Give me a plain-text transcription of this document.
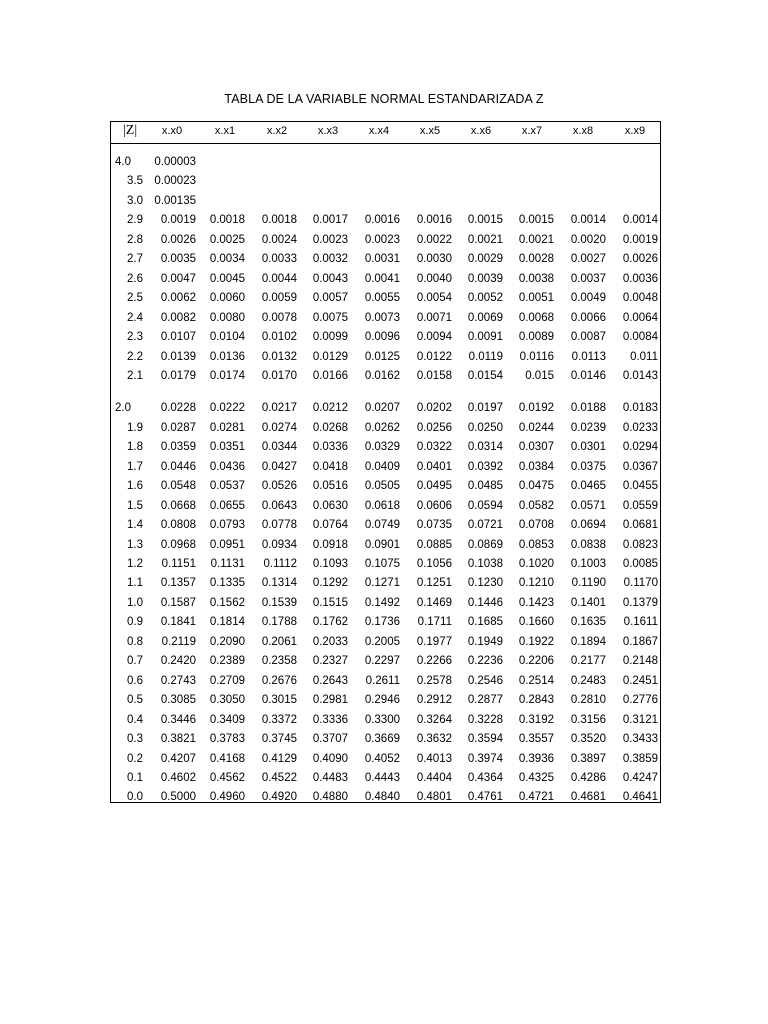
TABLA DE LA VARIABLE NORMAL ESTANDARIZADA Z
|Z|	x.x0	x.x1	x.x2	x.x3	x.x4	x.x5	x.x6	x.x7	x.x8	x.x9
4.0	0.00003
3.5 0.00023
3.0 0.00135
2.9	0.0019	0.0018	0.0018	0.0017	0.0016	0.0016	0.0015	0.0015	0.0014	0.0014
2.8	0.0026	0.0025	0.0024	0.0023	0.0023	0.0022	0.0021	0.0021	0.0020	0.0019
2.7	0.0035	0.0034	0.0033	0.0032	0.0031	0.0030	0.0029	0.0028	0.0027	0.0026
2.6	0.0047	0.0045	0.0044	0.0043	0.0041	0.0040	0.0039	0.0038	0.0037	0.0036
2.5	0.0062	0.0060	0.0059	0.0057	0.0055	0.0054	0.0052	0.0051	0.0049	0.0048
2.4	0.0082	0.0080	0.0078	0.0075	0.0073	0.0071	0.0069	0.0068	0.0066	0.0064
2.3	0.0107	0.0104	0.0102	0.0099	0.0096	0.0094	0.0091	0.0089	0.0087	0.0084
2.2	0.0139	0.0136	0.0132	0.0129	0.0125	0.0122	0.0119	0.0116	0.0113	0.011
2.1	0.0179	0.0174	0.0170	0.0166	0.0162	0.0158	0.0154	0.015	0.0146	0.0143
2.0	0.0228	0.0222	0.0217	0.0212	0.0207	0.0202	0.0197	0.0192	0.0188	0.0183
1.9	0.0287	0.0281	0.0274	0.0268	0.0262	0.0256	0.0250	0.0244	0.0239	0.0233
1.8	0.0359	0.0351	0.0344	0.0336	0.0329	0.0322	0.0314	0.0307	0.0301	0.0294
1.7	0.0446	0.0436	0.0427	0.0418	0.0409	0.0401	0.0392	0.0384	0.0375	0.0367
1.6	0.0548	0.0537	0.0526	0.0516	0.0505	0.0495	0.0485	0.0475	0.0465	0.0455
1.5	0.0668	0.0655	0.0643	0.0630	0.0618	0.0606	0.0594	0.0582	0.0571	0.0559
1.4	0.0808	0.0793	0.0778	0.0764	0.0749	0.0735	0.0721	0.0708	0.0694	0.0681
1.3	0.0968	0.0951	0.0934	0.0918	0.0901	0.0885	0.0869	0.0853	0.0838	0.0823
1.2	0.1151	0.1131	0.1112	0.1093	0.1075	0.1056	0.1038	0.1020	0.1003	0.0085
1.1	0.1357	0.1335	0.1314	0.1292	0.1271	0.1251	0.1230	0.1210	0.1190	0.1170
1.0	0.1587	0.1562	0.1539	0.1515	0.1492	0.1469	0.1446	0.1423	0.1401	0.1379
0.9	0.1841	0.1814	0.1788	0.1762	0.1736	0.1711	0.1685	0.1660	0.1635	0.1611
0.8	0.2119	0.2090	0.2061	0.2033	0.2005	0.1977	0.1949	0.1922	0.1894	0.1867
0.7	0.2420	0.2389	0.2358	0.2327	0.2297	0.2266	0.2236	0.2206	0.2177	0.2148
0.6	0.2743	0.2709	0.2676	0.2643	0.2611	0.2578	0.2546	0.2514	0.2483	0.2451
0.5	0.3085	0.3050	0.3015	0.2981	0.2946	0.2912	0.2877	0.2843	0.2810	0.2776
0.4	0.3446	0.3409	0.3372	0.3336	0.3300	0.3264	0.3228	0.3192	0.3156	0.3121
0.3	0.3821	0.3783	0.3745	0.3707	0.3669	0.3632	0.3594	0.3557	0.3520	0.3433
0.2	0.4207	0.4168	0.4129	0.4090	0.4052	0.4013	0.3974	0.3936	0.3897	0.3859
0.1	0.4602	0.4562	0.4522	0.4483	0.4443	0.4404	0.4364	0.4325	0.4286	0.4247
0.0	0.5000	0.4960	0.4920	0.4880	0.4840	0.4801	0.4761	0.4721	0.4681	0.4641
